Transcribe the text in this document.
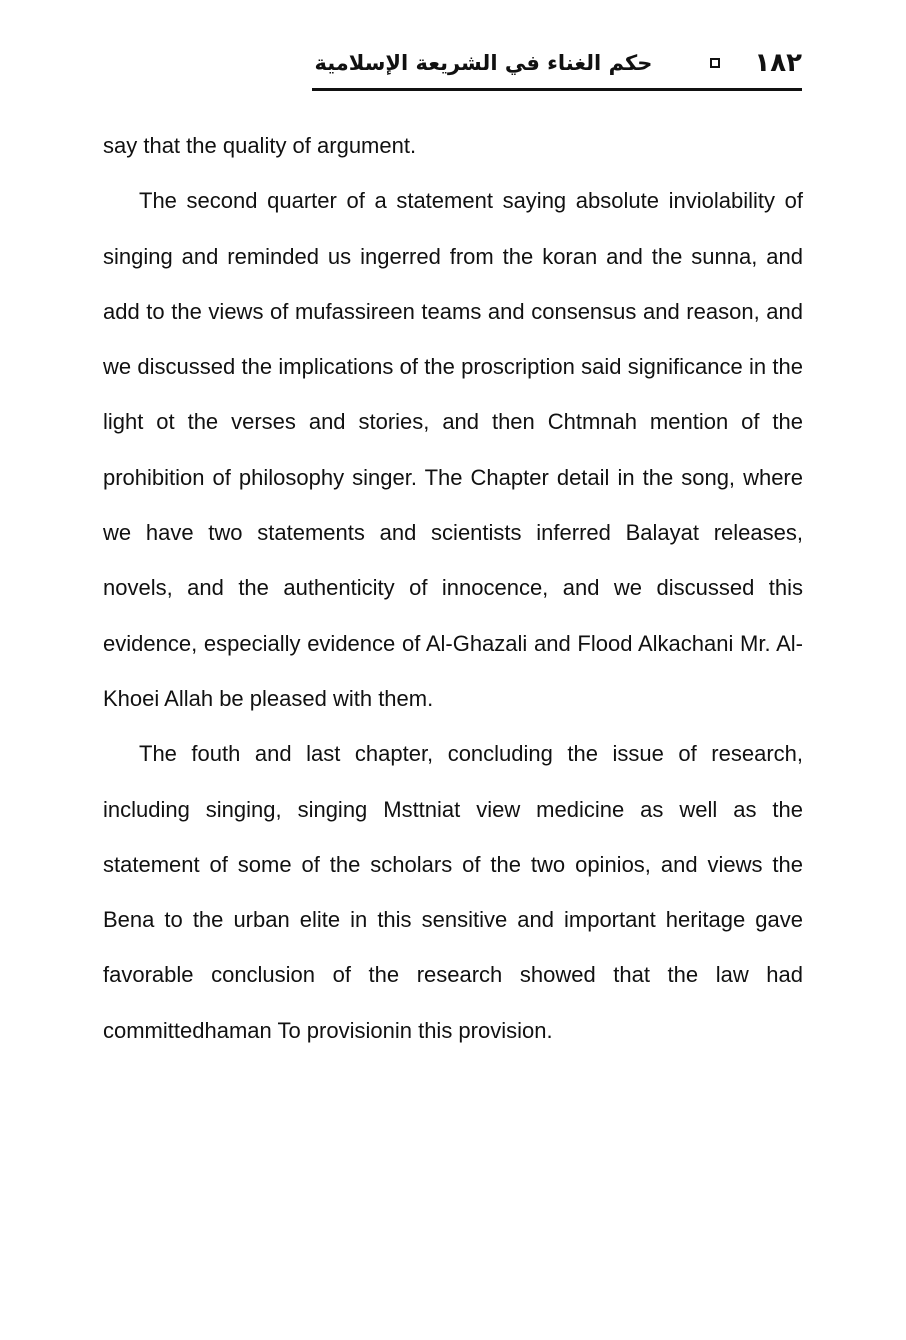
حكم الغناء في الشريعة الإسلامية	١٨٢

say that the quality of argument.

The second quarter of a statement saying absolute inviolability of singing and reminded us ingerred from the koran and the sunna, and add to the views of mufassireen teams and consensus and reason, and we discussed the implications of the proscription said significance in the light ot the verses and stories, and then Chtmnah mention of the prohibition of philosophy singer. The Chapter detail in the song, where we have two statements and scientists inferred Balayat releases, novels, and the authenticity of innocence, and we discussed this evidence, especially evidence of Al-Ghazali and Flood Alkachani Mr. Al-Khoei Allah be pleased with them.

The fouth and last chapter, concluding the issue of research, including singing, singing Msttniat view medicine as well as the statement of some of the scholars of the two opinios, and views the Bena to the urban elite in this sensitive and important heritage gave favorable conclusion of the research showed that the law had committedhaman To provisionin this provision.
